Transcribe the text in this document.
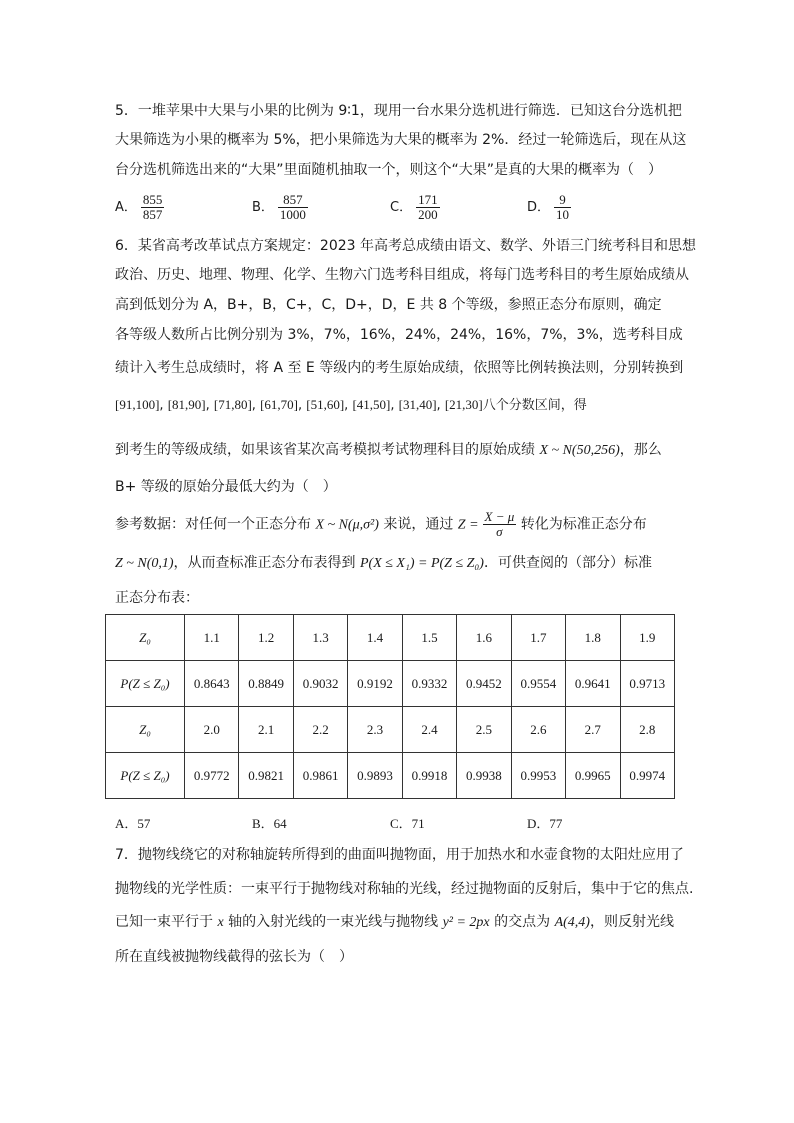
5．一堆苹果中大果与小果的比例为 9∶1，现用一台水果分选机进行筛选．已知这台分选机把
大果筛选为小果的概率为 5%，把小果筛选为大果的概率为 2%．经过一轮筛选后，现在从这
台分选机筛选出来的“大果”里面随机抽取一个，则这个“大果”是真的大果的概率为（　）
A． $\frac{855}{857}$	B． $\frac{857}{1000}$	C． $\frac{171}{200}$	D． $\frac{9}{10}$
6．某省高考改革试点方案规定：2023 年高考总成绩由语文、数学、外语三门统考科目和思想
政治、历史、地理、物理、化学、生物六门选考科目组成，将每门选考科目的考生原始成绩从
高到低划分为 A，B+，B，C+，C，D+，D，E 共 8 个等级，参照正态分布原则，确定
各等级人数所占比例分别为 3%，7%，16%，24%，24%，16%，7%，3%，选考科目成
绩计入考生总成绩时，将 A 至 E 等级内的考生原始成绩，依照等比例转换法则，分别转换到
[91,100], [81,90], [71,80], [61,70], [51,60], [41,50], [31,40], [21,30]八个分数区间，得
到考生的等级成绩，如果该省某次高考模拟考试物理科目的原始成绩 X ~ N(50,256)，那么
B+ 等级的原始分最低大约为（　）
参考数据：对任何一个正态分布 X ~ N(μ,σ²) 来说，通过 $Z = \frac{X - \mu}{\sigma}$ 转化为标准正态分布
Z ~ N(0,1)，从而查标准正态分布表得到 P(X ≤ X₁) = P(Z ≤ Z₀)．可供查阅的（部分）标准
正态分布表：
Z₀	1.1	1.2	1.3	1.4	1.5	1.6	1.7	1.8	1.9
P(Z ≤ Z₀)	0.8643	0.8849	0.9032	0.9192	0.9332	0.9452	0.9554	0.9641	0.9713
Z₀	2.0	2.1	2.2	2.3	2.4	2.5	2.6	2.7	2.8
P(Z ≤ Z₀)	0.9772	0.9821	0.9861	0.9893	0.9918	0.9938	0.9953	0.9965	0.9974
A．57	B．64	C．71	D．77
7．抛物线绕它的对称轴旋转所得到的曲面叫抛物面，用于加热水和水壶食物的太阳灶应用了
抛物线的光学性质：一束平行于抛物线对称轴的光线，经过抛物面的反射后，集中于它的焦点.
已知一束平行于 x 轴的入射光线的一束光线与抛物线 y² = 2px 的交点为 A(4,4)，则反射光线
所在直线被抛物线截得的弦长为（　）
